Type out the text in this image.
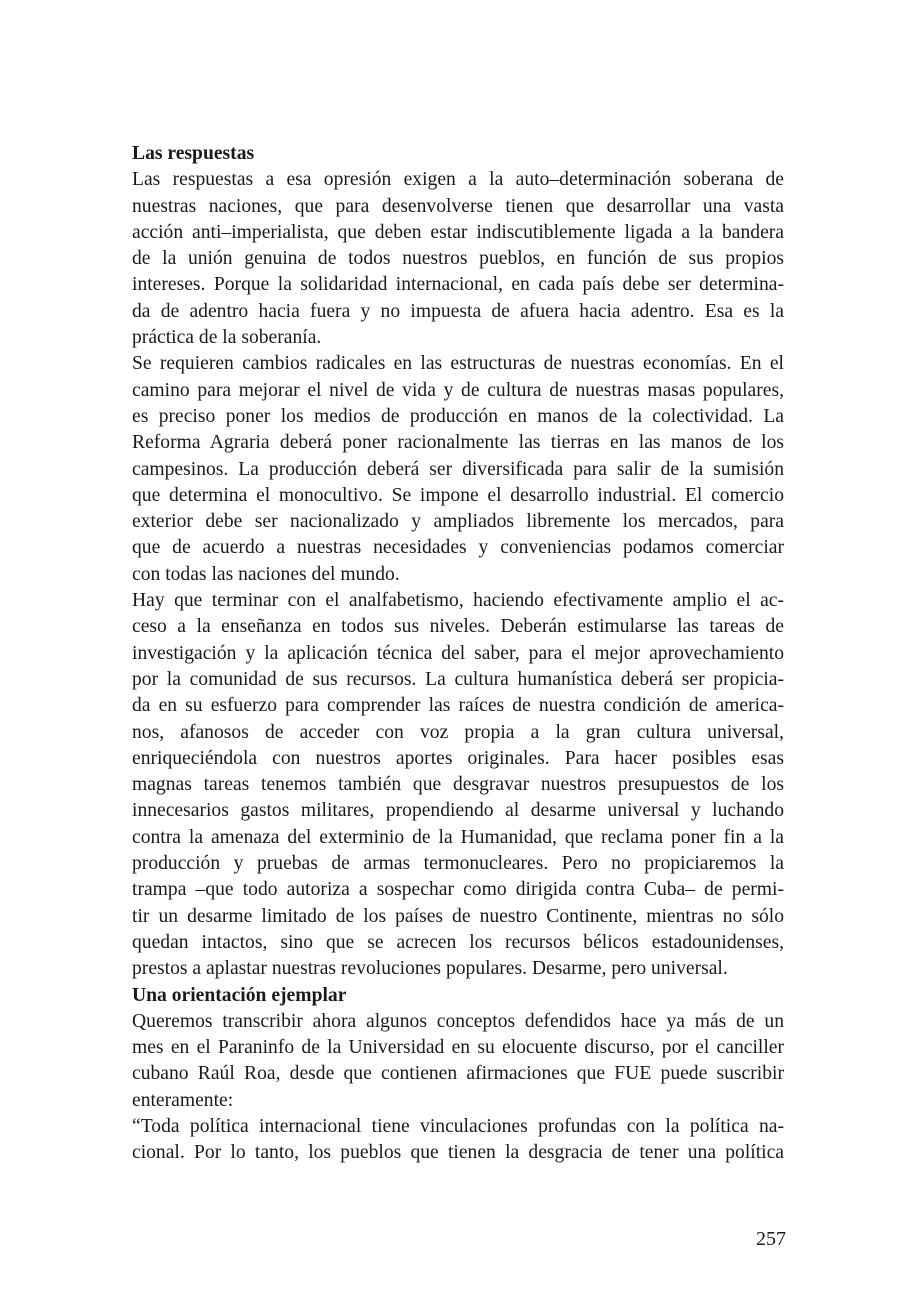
Las respuestas
Las respuestas a esa opresión exigen a la auto–determinación soberana de
nuestras naciones, que para desenvolverse tienen que desarrollar una vasta
acción anti–imperialista, que deben estar indiscutiblemente ligada a la bandera
de la unión genuina de todos nuestros pueblos, en función de sus propios
intereses. Porque la solidaridad internacional, en cada país debe ser determina-
da de adentro hacia fuera y no impuesta de afuera hacia adentro. Esa es la
práctica de la soberanía.
Se requieren cambios radicales en las estructuras de nuestras economías. En el
camino para mejorar el nivel de vida y de cultura de nuestras masas populares,
es preciso poner los medios de producción en manos de la colectividad. La
Reforma Agraria deberá poner racionalmente las tierras en las manos de los
campesinos. La producción deberá ser diversificada para salir de la sumisión
que determina el monocultivo. Se impone el desarrollo industrial. El comercio
exterior debe ser nacionalizado y ampliados libremente los mercados, para
que de acuerdo a nuestras necesidades y conveniencias podamos comerciar
con todas las naciones del mundo.
Hay que terminar con el analfabetismo, haciendo efectivamente amplio el ac-
ceso a la enseñanza en todos sus niveles. Deberán estimularse las tareas de
investigación y la aplicación técnica del saber, para el mejor aprovechamiento
por la comunidad de sus recursos. La cultura humanística deberá ser propicia-
da en su esfuerzo para comprender las raíces de nuestra condición de america-
nos, afanosos de acceder con voz propia a la gran cultura universal,
enriqueciéndola con nuestros aportes originales. Para hacer posibles esas
magnas tareas tenemos también que desgravar nuestros presupuestos de los
innecesarios gastos militares, propendiendo al desarme universal y luchando
contra la amenaza del exterminio de la Humanidad, que reclama poner fin a la
producción y pruebas de armas termonucleares. Pero no propiciaremos la
trampa –que todo autoriza a sospechar como dirigida contra Cuba– de permi-
tir un desarme limitado de los países de nuestro Continente, mientras no sólo
quedan intactos, sino que se acrecen los recursos bélicos estadounidenses,
prestos a aplastar nuestras revoluciones populares. Desarme, pero universal.
Una orientación ejemplar
Queremos transcribir ahora algunos conceptos defendidos hace ya más de un
mes en el Paraninfo de la Universidad en su elocuente discurso, por el canciller
cubano Raúl Roa, desde que contienen afirmaciones que FUE puede suscribir
enteramente:
“Toda política internacional tiene vinculaciones profundas con la política na-
cional. Por lo tanto, los pueblos que tienen la desgracia de tener una política
257
